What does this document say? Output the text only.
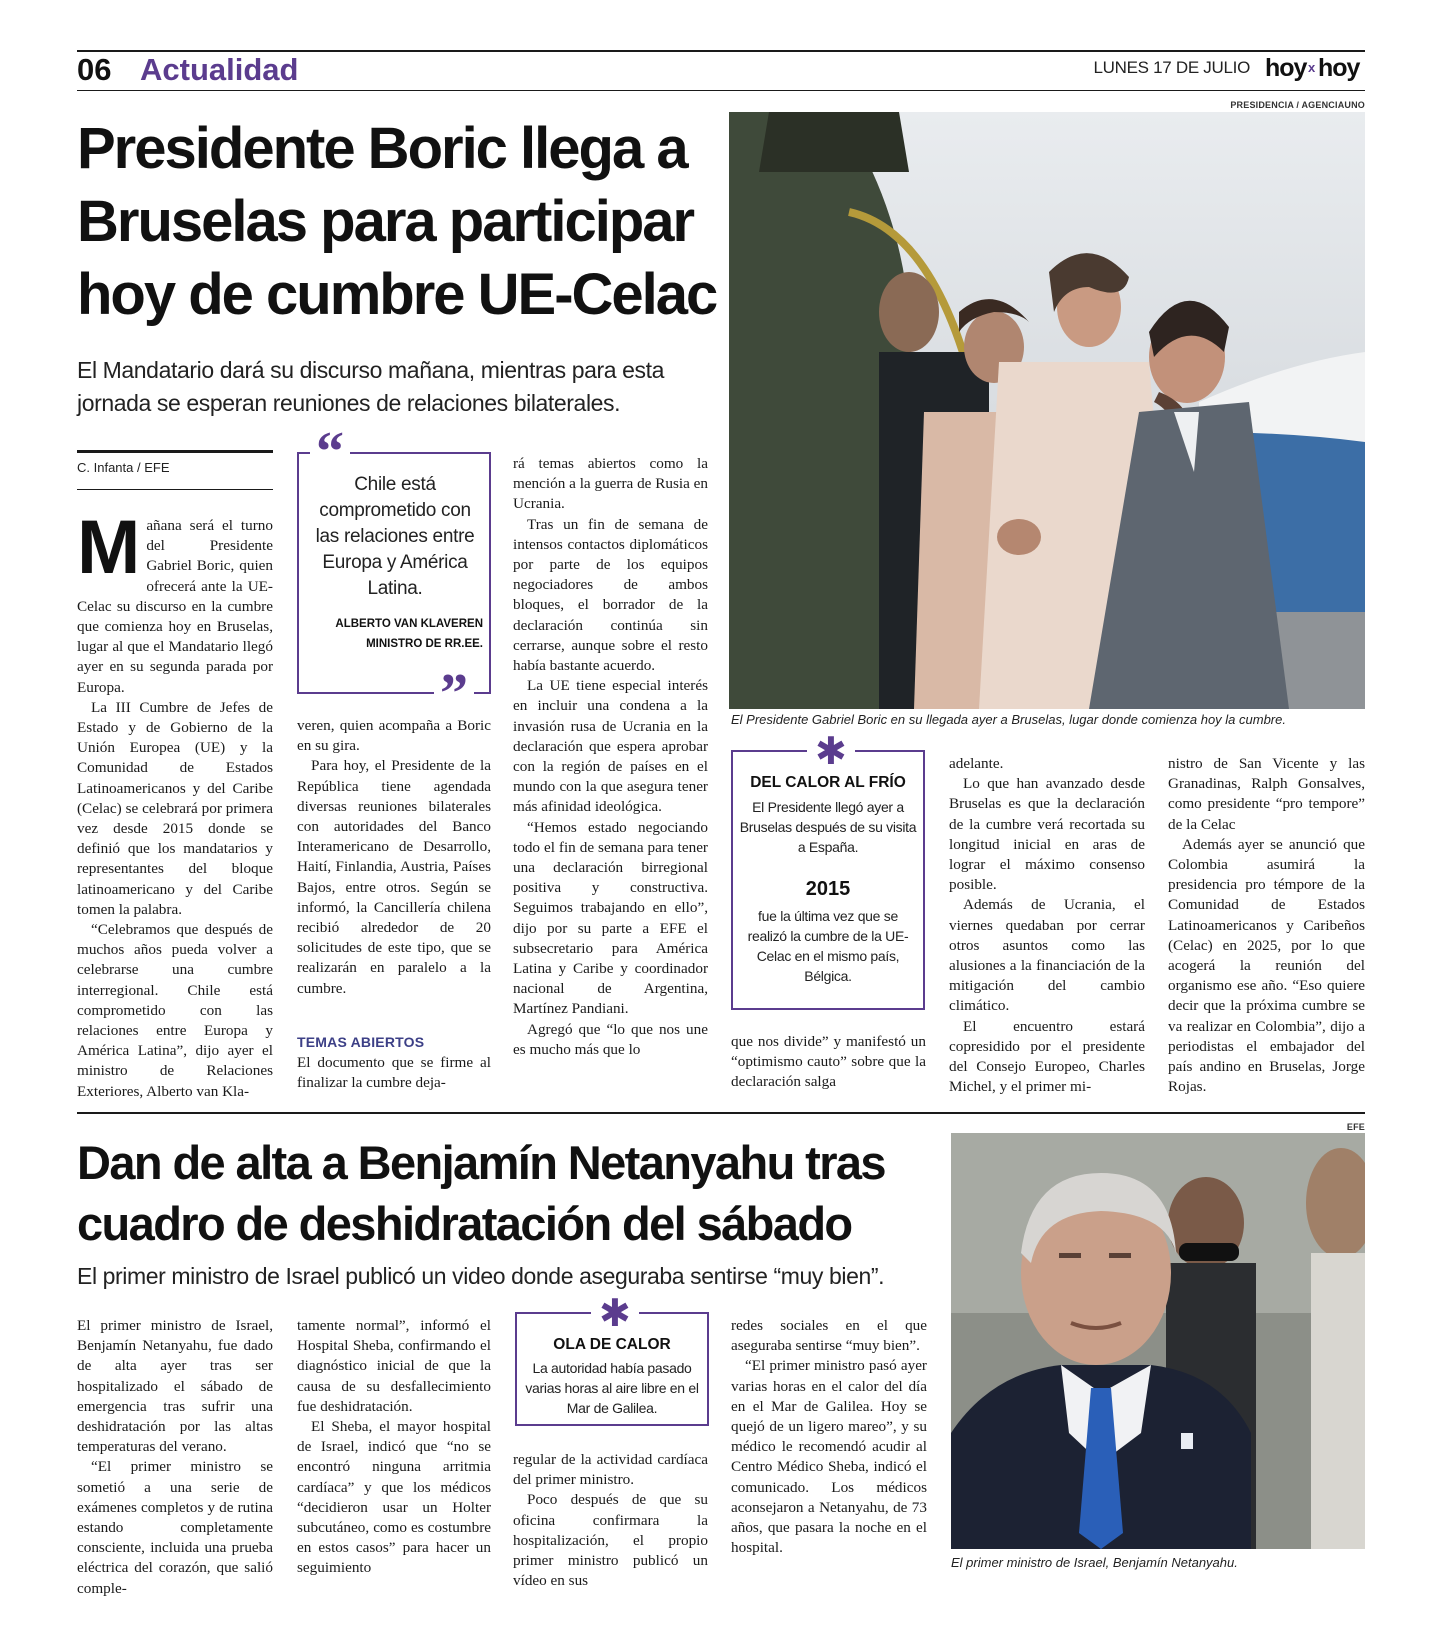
06 Actualidad	LUNES 17 DE JULIO hoy x hoy
Presidente Boric llega a Bruselas para participar hoy de cumbre UE-Celac
El Mandatario dará su discurso mañana, mientras para esta jornada se esperan reuniones de relaciones bilaterales.
C. Infanta / EFE

Mañana será el turno del Presidente Gabriel Boric, quien ofrecerá ante la UE-Celac su discurso en la cumbre que comienza hoy en Bruselas, lugar al que el Mandatario llegó ayer en su segunda parada por Europa.

La III Cumbre de Jefes de Estado y de Gobierno de la Unión Europea (UE) y la Comunidad de Estados Latinoamericanos y del Caribe (Celac) se celebrará por primera vez desde 2015 donde se definió que los mandatarios y representantes del bloque latinoamericano y del Caribe tomen la palabra.

“Celebramos que después de muchos años pueda volver a celebrarse una cumbre interregional. Chile está comprometido con las relaciones entre Europa y América Latina”, dijo ayer el ministro de Relaciones Exteriores, Alberto van Kla-

“
Chile está comprometido con las relaciones entre Europa y América Latina.
ALBERTO VAN KLAVEREN
MINISTRO DE RR.EE.
”

veren, quien acompaña a Boric en su gira.

Para hoy, el Presidente de la República tiene agendada diversas reuniones bilaterales con autoridades del Banco Interamericano de Desarrollo, Haití, Finlandia, Austria, Países Bajos, entre otros. Según se informó, la Cancillería chilena recibió alrededor de 20 solicitudes de este tipo, que se realizarán en paralelo a la cumbre.

TEMAS ABIERTOS

El documento que se firme al finalizar la cumbre deja-

rá temas abiertos como la mención a la guerra de Rusia en Ucrania.

Tras un fin de semana de intensos contactos diplomáticos por parte de los equipos negociadores de ambos bloques, el borrador de la declaración continúa sin cerrarse, aunque sobre el resto había bastante acuerdo.

La UE tiene especial interés en incluir una condena a la invasión rusa de Ucrania en la declaración que espera aprobar con la región de países en el mundo con la que asegura tener más afinidad ideológica.

“Hemos estado negociando todo el fin de semana para tener una declaración birregional positiva y constructiva. Seguimos trabajando en ello”, dijo por su parte a EFE el subsecretario para América Latina y Caribe y coordinador nacional de Argentina, Martínez Pandiani.

Agregó que “lo que nos une es mucho más que lo

PRESIDENCIA / AGENCIAUNO
El Presidente Gabriel Boric en su llegada ayer a Bruselas, lugar donde comienza hoy la cumbre.
✱
DEL CALOR AL FRÍO
El Presidente llegó ayer a Bruselas después de su visita a España.
2015
fue la última vez que se realizó la cumbre de la UE-Celac en el mismo país, Bélgica.

que nos divide” y manifestó un “optimismo cauto” sobre que la declaración salga

adelante.

Lo que han avanzado desde Bruselas es que la declaración de la cumbre verá recortada su longitud inicial en aras de lograr el máximo consenso posible.

Además de Ucrania, el viernes quedaban por cerrar otros asuntos como las alusiones a la financiación de la mitigación del cambio climático.

El encuentro estará copresidido por el presidente del Consejo Europeo, Charles Michel, y el primer mi-

nistro de San Vicente y las Granadinas, Ralph Gonsalves, como presidente “pro tempore” de la Celac

Además ayer se anunció que Colombia asumirá la presidencia pro témpore de la Comunidad de Estados Latinoamericanos y Caribeños (Celac) en 2025, por lo que acogerá la reunión del organismo ese año. “Eso quiere decir que la próxima cumbre se va realizar en Colombia”, dijo a periodistas el embajador del país andino en Bruselas, Jorge Rojas.

Dan de alta a Benjamín Netanyahu tras cuadro de deshidratación del sábado
El primer ministro de Israel publicó un video donde aseguraba sentirse “muy bien”.

El primer ministro de Israel, Benjamín Netanyahu, fue dado de alta ayer tras ser hospitalizado el sábado de emergencia tras sufrir una deshidratación por las altas temperaturas del verano.

“El primer ministro se sometió a una serie de exámenes completos y de rutina estando completamente consciente, incluida una prueba eléctrica del corazón, que salió comple-

tamente normal”, informó el Hospital Sheba, confirmando el diagnóstico inicial de que la causa de su desfallecimiento fue deshidratación.

El Sheba, el mayor hospital de Israel, indicó que “no se encontró ninguna arritmia cardíaca” y que los médicos “decidieron usar un Holter subcutáneo, como es costumbre en estos casos” para hacer un seguimiento

✱
OLA DE CALOR
La autoridad había pasado varias horas al aire libre en el Mar de Galilea.

regular de la actividad cardíaca del primer ministro.

Poco después de que su oficina confirmara la hospitalización, el propio primer ministro publicó un vídeo en sus

redes sociales en el que aseguraba sentirse “muy bien”.

“El primer ministro pasó ayer varias horas en el calor del día en el Mar de Galilea. Hoy se quejó de un ligero mareo”, y su médico le recomendó acudir al Centro Médico Sheba, indicó el comunicado. Los médicos aconsejaron a Netanyahu, de 73 años, que pasara la noche en el hospital.

EFE
El primer ministro de Israel, Benjamín Netanyahu.
